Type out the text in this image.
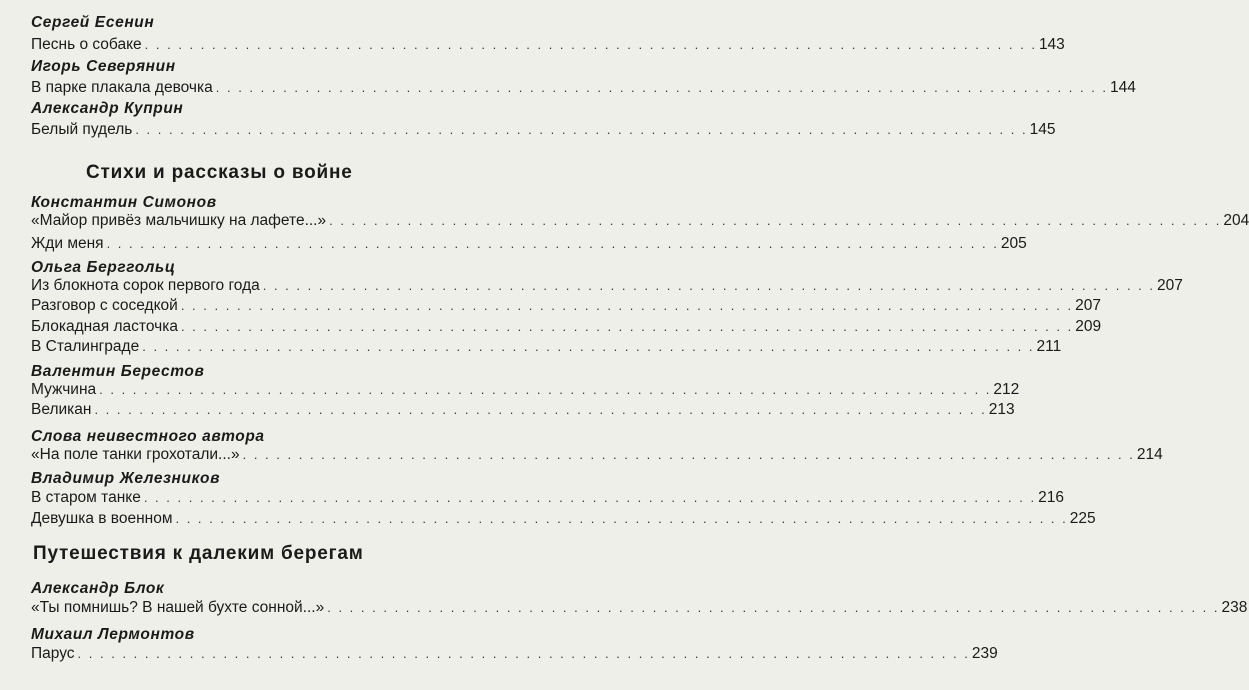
Сергей Есенин
Песнь о собаке . . . . . . . . . . . . . . . . . . . . . . . . . . . . . . . . . . . . . . . . . . . . . . . . . . . . . . . . . . . . . . . . . . . . . . . . . . . . . . . . 143
Игорь Северянин
В парке плакала девочка . . . . . . . . . . . . . . . . . . . . . . . . . . . . . . . . . . . . . . . . . . . . . . . . . . . . . . . . . . . . . . . . . . . . . . . . . . . . . . . . 144
Александр Куприн
Белый пудель . . . . . . . . . . . . . . . . . . . . . . . . . . . . . . . . . . . . . . . . . . . . . . . . . . . . . . . . . . . . . . . . . . . . . . . . . . . . . . . . 145
Стихи и рассказы о войне
Константин Симонов
«Майор привёз мальчишку на лафете...» . . . . . . . . . . . . . . . . . . . . . . . . . . . . . . . . . . . . . . . . . . . . . . . . . . . . . . . . . . . . . . . . . . . . . . . . . . . . . . . . 204
Жди меня . . . . . . . . . . . . . . . . . . . . . . . . . . . . . . . . . . . . . . . . . . . . . . . . . . . . . . . . . . . . . . . . . . . . . . . . . . . . . . . . 205
Ольга Берггольц
Из блокнота сорок первого года . . . . . . . . . . . . . . . . . . . . . . . . . . . . . . . . . . . . . . . . . . . . . . . . . . . . . . . . . . . . . . . . . . . . . . . . . . . . . . . . 207
Разговор с соседкой . . . . . . . . . . . . . . . . . . . . . . . . . . . . . . . . . . . . . . . . . . . . . . . . . . . . . . . . . . . . . . . . . . . . . . . . . . . . . . . . 207
Блокадная ласточка . . . . . . . . . . . . . . . . . . . . . . . . . . . . . . . . . . . . . . . . . . . . . . . . . . . . . . . . . . . . . . . . . . . . . . . . . . . . . . . . 209
В Сталинграде . . . . . . . . . . . . . . . . . . . . . . . . . . . . . . . . . . . . . . . . . . . . . . . . . . . . . . . . . . . . . . . . . . . . . . . . . . . . . . . . 211
Валентин Берестов
Мужчина . . . . . . . . . . . . . . . . . . . . . . . . . . . . . . . . . . . . . . . . . . . . . . . . . . . . . . . . . . . . . . . . . . . . . . . . . . . . . . . . 212
Великан . . . . . . . . . . . . . . . . . . . . . . . . . . . . . . . . . . . . . . . . . . . . . . . . . . . . . . . . . . . . . . . . . . . . . . . . . . . . . . . . 213
Слова неивестного автора
«На поле танки грохотали...» . . . . . . . . . . . . . . . . . . . . . . . . . . . . . . . . . . . . . . . . . . . . . . . . . . . . . . . . . . . . . . . . . . . . . . . . . . . . . . . . 214
Владимир Железников
В старом танке . . . . . . . . . . . . . . . . . . . . . . . . . . . . . . . . . . . . . . . . . . . . . . . . . . . . . . . . . . . . . . . . . . . . . . . . . . . . . . . . 216
Девушка в военном . . . . . . . . . . . . . . . . . . . . . . . . . . . . . . . . . . . . . . . . . . . . . . . . . . . . . . . . . . . . . . . . . . . . . . . . . . . . . . . . 225
Путешествия к далеким берегам
Александр Блок
«Ты помнишь? В нашей бухте сонной...» . . . . . . . . . . . . . . . . . . . . . . . . . . . . . . . . . . . . . . . . . . . . . . . . . . . . . . . . . . . . . . . . . . . . . . . . . . . . . . . . 238
Михаил Лермонтов
Парус . . . . . . . . . . . . . . . . . . . . . . . . . . . . . . . . . . . . . . . . . . . . . . . . . . . . . . . . . . . . . . . . . . . . . . . . . . . . . . . . 239
